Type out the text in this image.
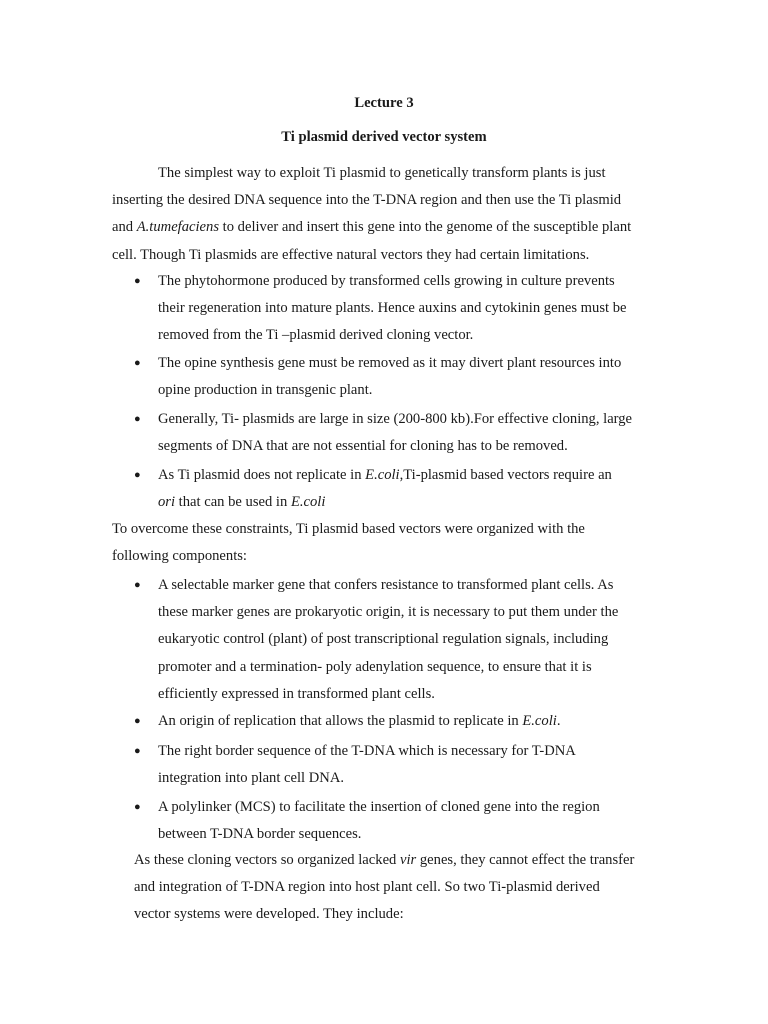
Lecture 3
Ti plasmid derived vector system
The simplest way to exploit Ti plasmid to genetically transform plants is just
inserting the desired DNA sequence into the T-DNA region and then use the Ti plasmid
and A.tumefaciens to deliver and insert this gene into the genome of the susceptible plant
cell. Though Ti plasmids are effective natural vectors they had certain limitations.
● The phytohormone produced by transformed cells growing in culture prevents
their regeneration into mature plants. Hence auxins and cytokinin genes must be
removed from the Ti –plasmid derived cloning vector.
● The opine synthesis gene must be removed as it may divert plant resources into
opine production in transgenic plant.
● Generally, Ti- plasmids are large in size (200-800 kb).For effective cloning, large
segments of DNA that are not essential for cloning has to be removed.
● As Ti plasmid does not replicate in E.coli,Ti-plasmid based vectors require an
ori that can be used in E.coli
To overcome these constraints, Ti plasmid based vectors were organized with the
following components:
● A selectable marker gene that confers resistance to transformed plant cells. As
these marker genes are prokaryotic origin, it is necessary to put them under the
eukaryotic control (plant) of post transcriptional regulation signals, including
promoter and a termination- poly adenylation sequence, to ensure that it is
efficiently expressed in transformed plant cells.
● An origin of replication that allows the plasmid to replicate in E.coli.
● The right border sequence of the T-DNA which is necessary for T-DNA
integration into plant cell DNA.
● A polylinker (MCS) to facilitate the insertion of cloned gene into the region
between T-DNA border sequences.
As these cloning vectors so organized lacked vir genes, they cannot effect the transfer
and integration of T-DNA region into host plant cell. So two Ti-plasmid derived
vector systems were developed. They include:
